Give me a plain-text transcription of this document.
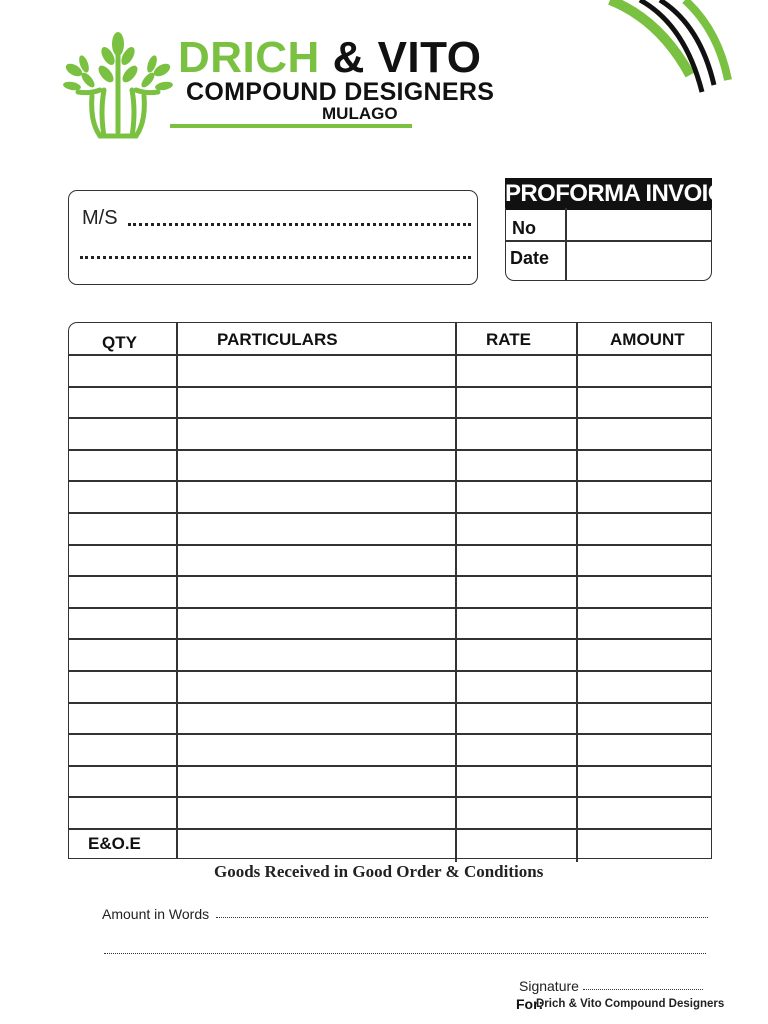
DRICH & VITO
COMPOUND DESIGNERS
MULAGO
M/S
PROFORMA INVOICE
No
Date
QTY	PARTICULARS	RATE	AMOUNT
E&O.E
Goods Received in Good Order & Conditions
Amount in Words
Signature
For:
Drich & Vito Compound Designers
